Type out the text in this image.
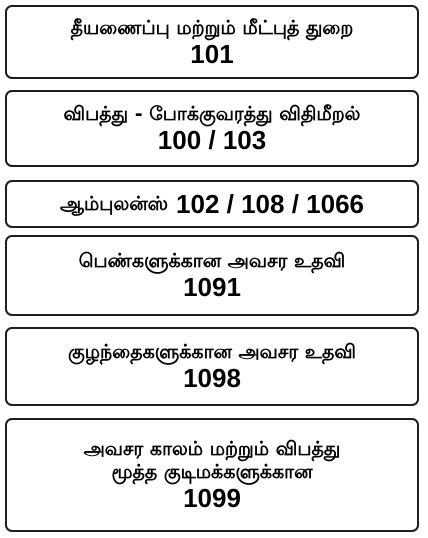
தீயணைப்பு மற்றும் மீட்புத் துறை
101
விபத்து - போக்குவரத்து விதிமீறல்
100 / 103
ஆம்புலன்ஸ் 102 / 108 / 1066
பெண்களுக்கான அவசர உதவி
1091
குழந்தைகளுக்கான அவசர உதவி
1098
அவசர காலம் மற்றும் விபத்து
மூத்த குடிமக்களுக்கான
1099
